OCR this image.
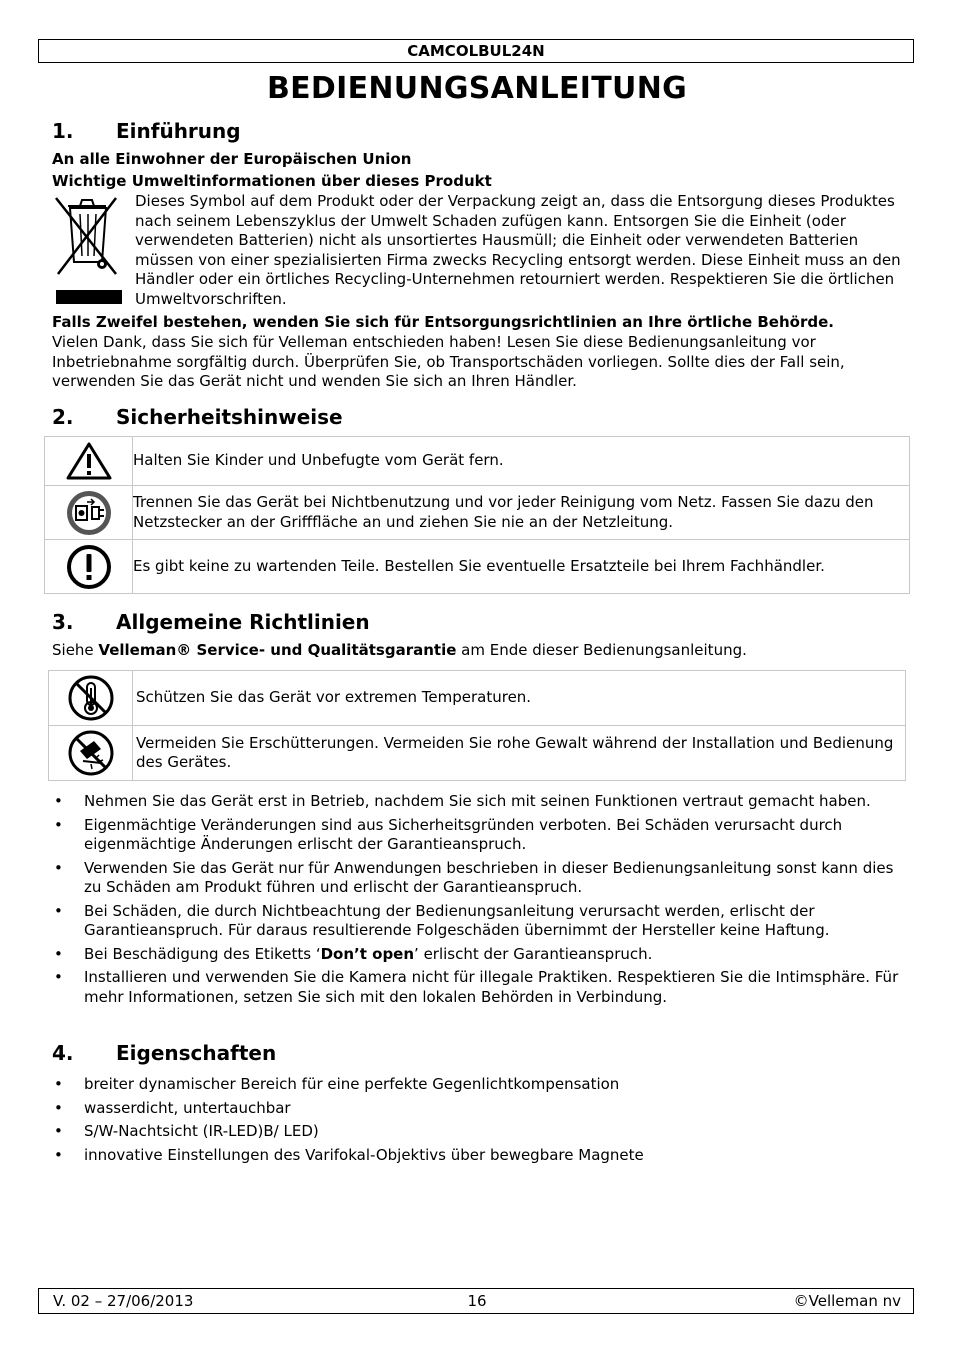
CAMCOLBUL24N
BEDIENUNGSANLEITUNG
1. Einführung
An alle Einwohner der Europäischen Union
Wichtige Umweltinformationen über dieses Produkt
Dieses Symbol auf dem Produkt oder der Verpackung zeigt an, dass die Entsorgung dieses Produktes nach seinem Lebenszyklus der Umwelt Schaden zufügen kann. Entsorgen Sie die Einheit (oder verwendeten Batterien) nicht als unsortiertes Hausmüll; die Einheit oder verwendeten Batterien müssen von einer spezialisierten Firma zwecks Recycling entsorgt werden. Diese Einheit muss an den Händler oder ein örtliches Recycling-Unternehmen retourniert werden. Respektieren Sie die örtlichen Umweltvorschriften.
Falls Zweifel bestehen, wenden Sie sich für Entsorgungsrichtlinien an Ihre örtliche Behörde.
Vielen Dank, dass Sie sich für Velleman entschieden haben! Lesen Sie diese Bedienungsanleitung vor Inbetriebnahme sorgfältig durch. Überprüfen Sie, ob Transportschäden vorliegen. Sollte dies der Fall sein, verwenden Sie das Gerät nicht und wenden Sie sich an Ihren Händler.
2. Sicherheitshinweise
	Halten Sie Kinder und Unbefugte vom Gerät fern.

	Trennen Sie das Gerät bei Nichtbenutzung und vor jeder Reinigung vom Netz. Fassen Sie dazu den Netzstecker an der Grifffläche an und ziehen Sie nie an der Netzleitung.

	Es gibt keine zu wartenden Teile. Bestellen Sie eventuelle Ersatzteile bei Ihrem Fachhändler.
3. Allgemeine Richtlinien
Siehe Velleman® Service- und Qualitätsgarantie am Ende dieser Bedienungsanleitung.
	Schützen Sie das Gerät vor extremen Temperaturen.

	Vermeiden Sie Erschütterungen. Vermeiden Sie rohe Gewalt während der Installation und Bedienung des Gerätes.
• Nehmen Sie das Gerät erst in Betrieb, nachdem Sie sich mit seinen Funktionen vertraut gemacht haben.
• Eigenmächtige Veränderungen sind aus Sicherheitsgründen verboten. Bei Schäden verursacht durch eigenmächtige Änderungen erlischt der Garantieanspruch.
• Verwenden Sie das Gerät nur für Anwendungen beschrieben in dieser Bedienungsanleitung sonst kann dies zu Schäden am Produkt führen und erlischt der Garantieanspruch.
• Bei Schäden, die durch Nichtbeachtung der Bedienungsanleitung verursacht werden, erlischt der Garantieanspruch. Für daraus resultierende Folgeschäden übernimmt der Hersteller keine Haftung.
• Bei Beschädigung des Etiketts ‘Don’t open’ erlischt der Garantieanspruch.
• Installieren und verwenden Sie die Kamera nicht für illegale Praktiken. Respektieren Sie die Intimsphäre. Für mehr Informationen, setzen Sie sich mit den lokalen Behörden in Verbindung.
4. Eigenschaften
• breiter dynamischer Bereich für eine perfekte Gegenlichtkompensation
• wasserdicht, untertauchbar
• S/W-Nachtsicht (IR-LED)B/ LED)
• innovative Einstellungen des Varifokal-Objektivs über bewegbare Magnete
V. 02 – 27/06/2013	16	©Velleman nv
